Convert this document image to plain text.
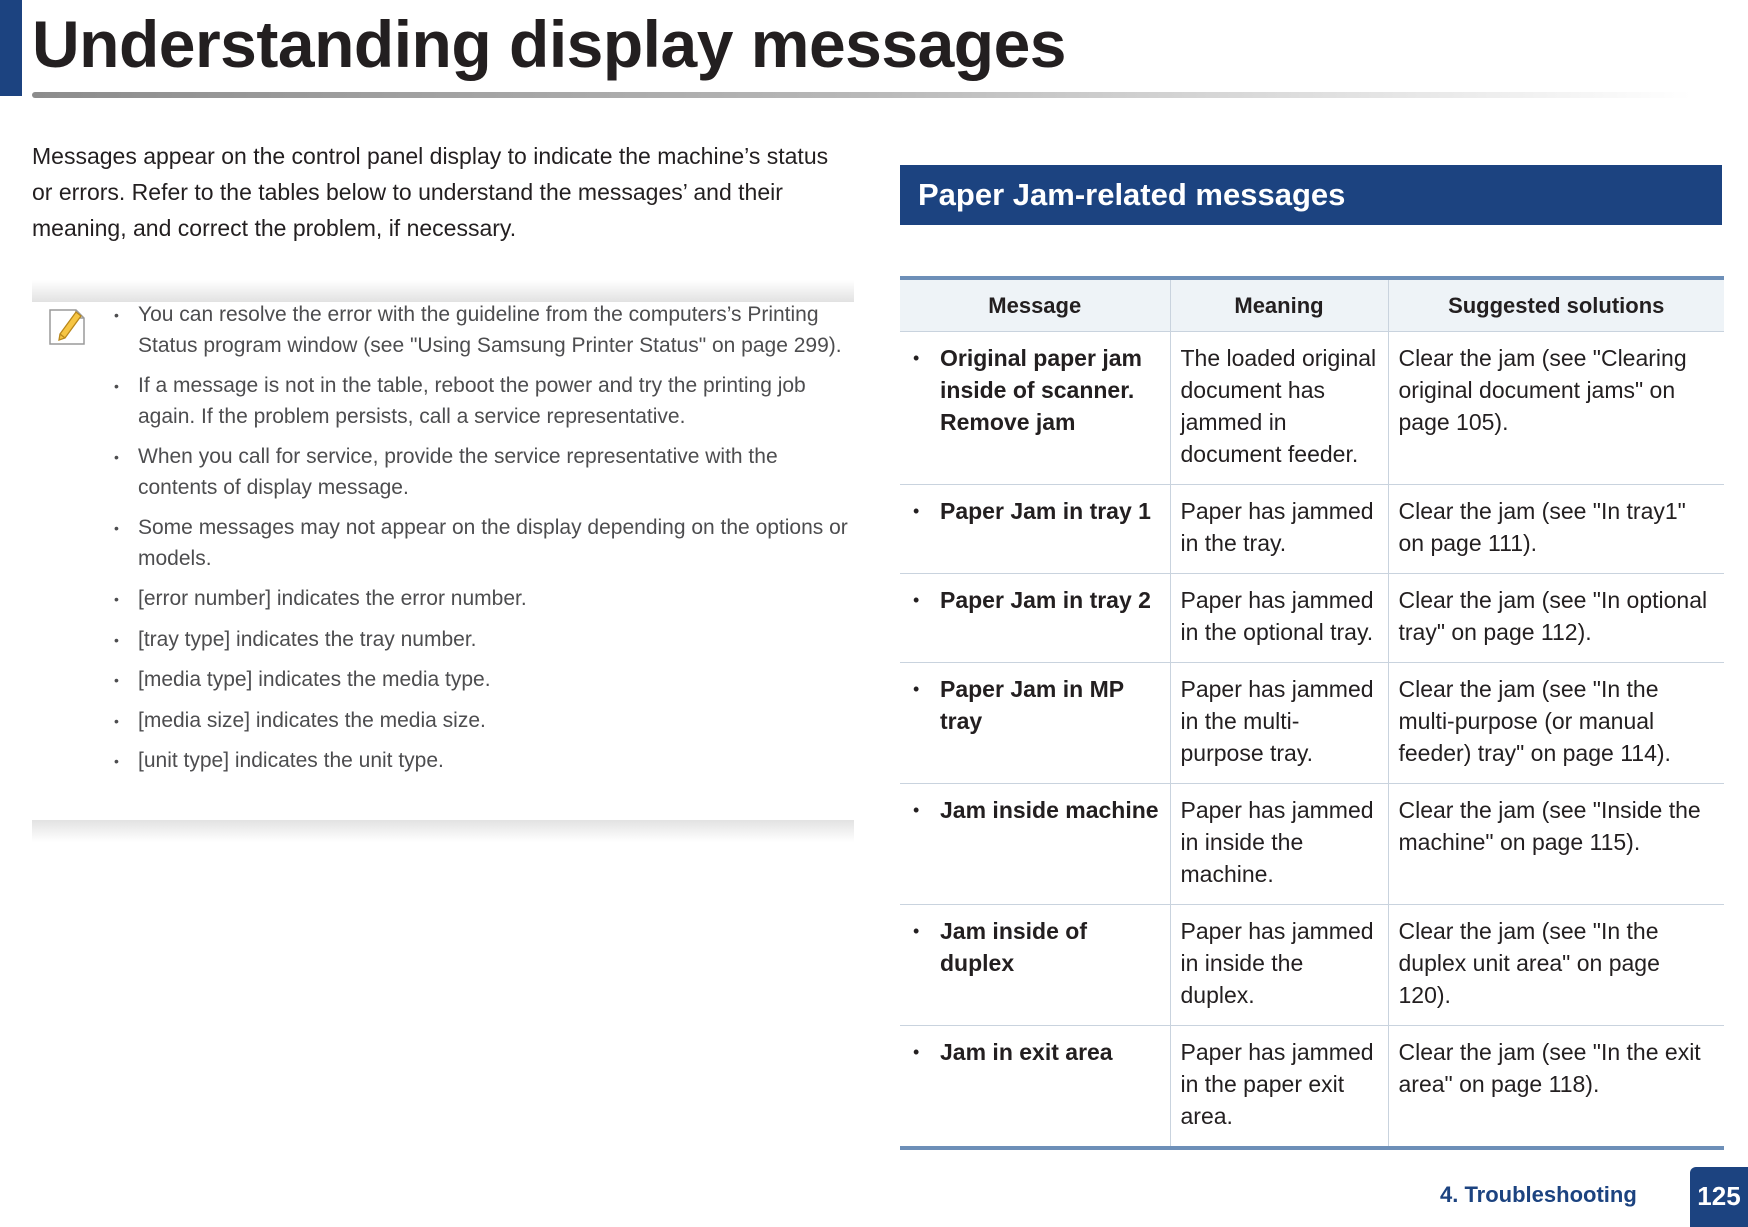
Understanding display messages

Messages appear on the control panel display to indicate the machine’s status or errors. Refer to the tables below to understand the messages’ and their meaning, and correct the problem, if necessary.

• You can resolve the error with the guideline from the computers’s Printing Status program window (see "Using Samsung Printer Status" on page 299).
• If a message is not in the table, reboot the power and try the printing job again. If the problem persists, call a service representative.
• When you call for service, provide the service representative with the contents of display message.
• Some messages may not appear on the display depending on the options or models.
• [error number] indicates the error number.
• [tray type] indicates the tray number.
• [media type] indicates the media type.
• [media size] indicates the media size.
• [unit type] indicates the unit type.
Paper Jam-related messages
Message	Meaning	Suggested solutions
• Original paper jam inside of scanner. Remove jam	The loaded original document has jammed in document feeder.	Clear the jam (see "Clearing original document jams" on page 105).
• Paper Jam in tray 1	Paper has jammed in the tray.	Clear the jam (see "In tray1" on page 111).
• Paper Jam in tray 2	Paper has jammed in the optional tray.	Clear the jam (see "In optional tray" on page 112).
• Paper Jam in MP tray	Paper has jammed in the multi-purpose tray.	Clear the jam (see "In the multi-purpose (or manual feeder) tray" on page 114).
• Jam inside machine	Paper has jammed in inside the machine.	Clear the jam (see "Inside the machine" on page 115).
• Jam inside of duplex	Paper has jammed in inside the duplex.	Clear the jam (see "In the duplex unit area" on page 120).
• Jam in exit area	Paper has jammed in the paper exit area.	Clear the jam (see "In the exit area" on page 118).
4. Troubleshooting 125
